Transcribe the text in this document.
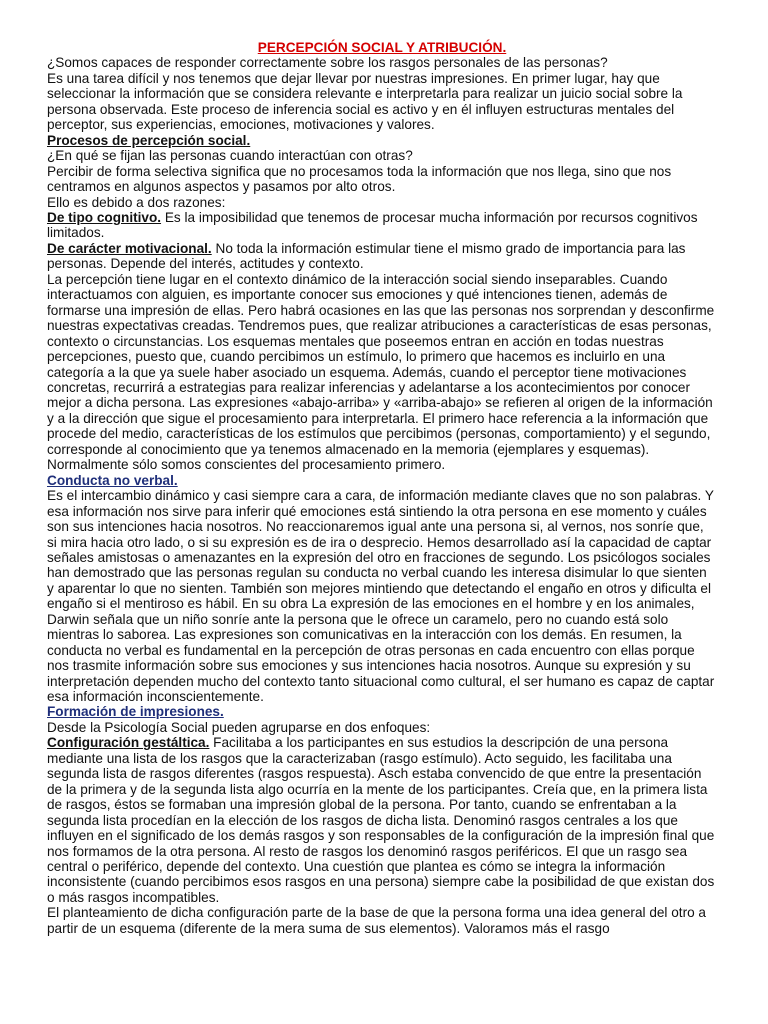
PERCEPCIÓN SOCIAL Y ATRIBUCIÓN.

¿Somos capaces de responder correctamente sobre los rasgos personales de las personas?

Es una tarea difícil y nos tenemos que dejar llevar por nuestras impresiones. En primer lugar, hay que seleccionar la información que se considera relevante e interpretarla para realizar un juicio social sobre la persona observada. Este proceso de inferencia social es activo y en él influyen estructuras mentales del perceptor, sus experiencias, emociones, motivaciones y valores.

Procesos de percepción social.

¿En qué se fijan las personas cuando interactúan con otras?

Percibir de forma selectiva significa que no procesamos toda la información que nos llega, sino que nos centramos en algunos aspectos y pasamos por alto otros.

Ello es debido a dos razones:

De tipo cognitivo. Es la imposibilidad que tenemos de procesar mucha información por recursos cognitivos limitados.

De carácter motivacional. No toda la información estimular tiene el mismo grado de importancia para las personas. Depende del interés, actitudes y contexto.

La percepción tiene lugar en el contexto dinámico de la interacción social siendo inseparables. Cuando interactuamos con alguien, es importante conocer sus emociones y qué intenciones tienen, además de formarse una impresión de ellas. Pero habrá ocasiones en las que las personas nos sorprendan y desconfirme nuestras expectativas creadas. Tendremos pues, que realizar atribuciones a características de esas personas, contexto o circunstancias. Los esquemas mentales que poseemos entran en acción en todas nuestras percepciones, puesto que, cuando percibimos un estímulo, lo primero que hacemos es incluirlo en una categoría a la que ya suele haber asociado un esquema. Además, cuando el perceptor tiene motivaciones concretas, recurrirá a estrategias para realizar inferencias y adelantarse a los acontecimientos por conocer mejor a dicha persona. Las expresiones «abajo-arriba» y «arriba-abajo» se refieren al origen de la información y a la dirección que sigue el procesamiento para interpretarla. El primero hace referencia a la información que procede del medio, características de los estímulos que percibimos (personas, comportamiento) y el segundo, corresponde al conocimiento que ya tenemos almacenado en la memoria (ejemplares y esquemas). Normalmente sólo somos conscientes del procesamiento primero.

Conducta no verbal.

Es el intercambio dinámico y casi siempre cara a cara, de información mediante claves que no son palabras. Y esa información nos sirve para inferir qué emociones está sintiendo la otra persona en ese momento y cuáles son sus intenciones hacia nosotros. No reaccionaremos igual ante una persona si, al vernos, nos sonríe que, si mira hacia otro lado, o si su expresión es de ira o desprecio. Hemos desarrollado así la capacidad de captar señales amistosas o amenazantes en la expresión del otro en fracciones de segundo. Los psicólogos sociales han demostrado que las personas regulan su conducta no verbal cuando les interesa disimular lo que sienten y aparentar lo que no sienten. También son mejores mintiendo que detectando el engaño en otros y dificulta el engaño si el mentiroso es hábil. En su obra La expresión de las emociones en el hombre y en los animales, Darwin señala que un niño sonríe ante la persona que le ofrece un caramelo, pero no cuando está solo mientras lo saborea. Las expresiones son comunicativas en la interacción con los demás. En resumen, la conducta no verbal es fundamental en la percepción de otras personas en cada encuentro con ellas porque nos trasmite información sobre sus emociones y sus intenciones hacia nosotros. Aunque su expresión y su interpretación dependen mucho del contexto tanto situacional como cultural, el ser humano es capaz de captar esa información inconscientemente.

Formación de impresiones.

Desde la Psicología Social pueden agruparse en dos enfoques:

Configuración gestáltica. Facilitaba a los participantes en sus estudios la descripción de una persona mediante una lista de los rasgos que la caracterizaban (rasgo estímulo). Acto seguido, les facilitaba una segunda lista de rasgos diferentes (rasgos respuesta). Asch estaba convencido de que entre la presentación de la primera y de la segunda lista algo ocurría en la mente de los participantes. Creía que, en la primera lista de rasgos, éstos se formaban una impresión global de la persona. Por tanto, cuando se enfrentaban a la segunda lista procedían en la elección de los rasgos de dicha lista. Denominó rasgos centrales a los que influyen en el significado de los demás rasgos y son responsables de la configuración de la impresión final que nos formamos de la otra persona. Al resto de rasgos los denominó rasgos periféricos. El que un rasgo sea central o periférico, depende del contexto. Una cuestión que plantea es cómo se integra la información inconsistente (cuando percibimos esos rasgos en una persona) siempre cabe la posibilidad de que existan dos o más rasgos incompatibles.

El planteamiento de dicha configuración parte de la base de que la persona forma una idea general del otro a partir de un esquema (diferente de la mera suma de sus elementos). Valoramos más el rasgo
